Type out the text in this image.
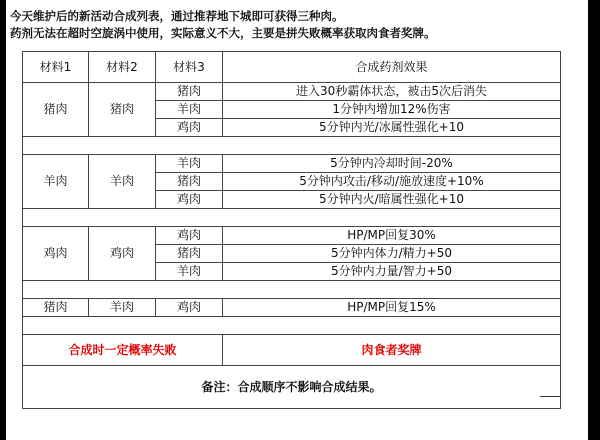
今天维护后的新活动合成列表，通过推荐地下城即可获得三种肉。
药剂无法在超时空旋涡中使用，实际意义不大，主要是拼失败概率获取肉食者奖牌。
材料1	材料2	材料3	合成药剂效果
猪肉	猪肉	猪肉	进入30秒霸体状态，被击5次后消失
		羊肉	1分钟内增加12%伤害
		鸡肉	5分钟内光/冰属性强化+10

羊肉	羊肉	羊肉	5分钟内冷却时间-20%
		猪肉	5分钟内攻击/移动/施放速度+10%
		鸡肉	5分钟内火/暗属性强化+10

鸡肉	鸡肉	鸡肉	HP/MP回复30%
		猪肉	5分钟内体力/精力+50
		羊肉	5分钟内力量/智力+50

猪肉	羊肉	鸡肉	HP/MP回复15%

合成时一定概率失败			肉食者奖牌
备注：合成顺序不影响合成结果。			
